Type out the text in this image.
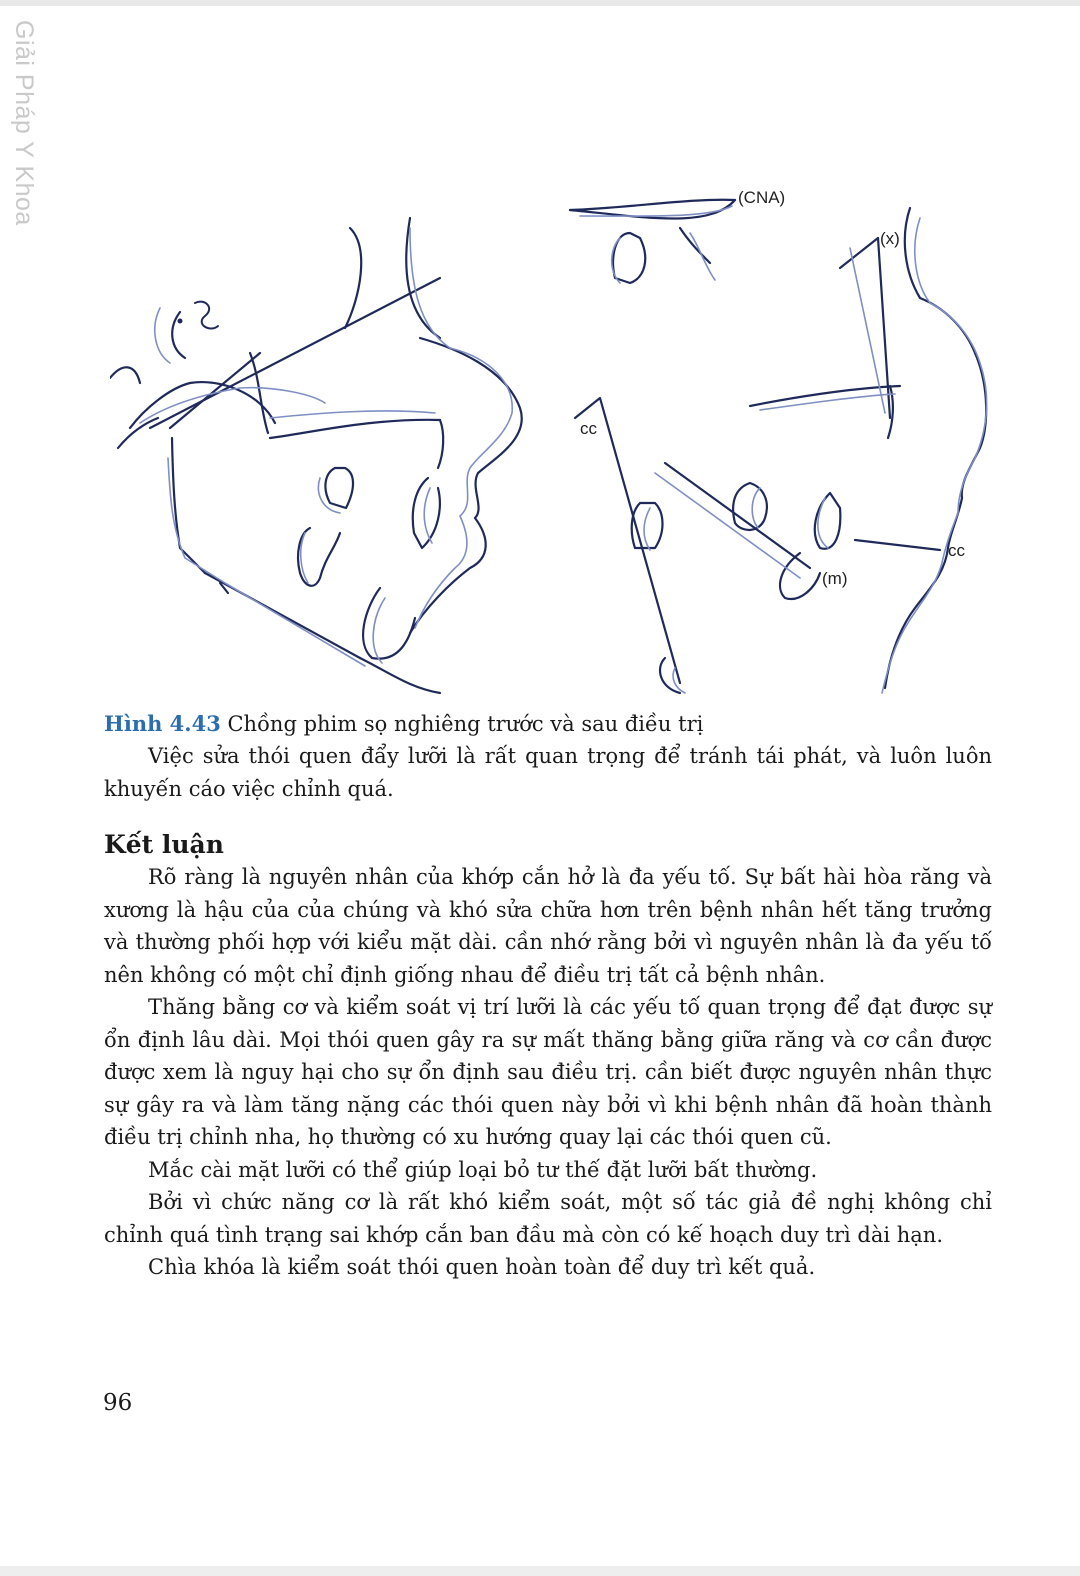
Giải Pháp Y Khoa	(CNA)
(x)
cc
cc
(m)
Hình 4.43 Chồng phim sọ nghiêng trước và sau điều trị

Việc sửa thói quen đẩy lưỡi là rất quan trọng để tránh tái phát, và luôn luôn khuyến cáo việc chỉnh quá.

Kết luận

Rõ ràng là nguyên nhân của khớp cắn hở là đa yếu tố. Sự bất hài hòa răng và xương là hậu của của chúng và khó sửa chữa hơn trên bệnh nhân hết tăng trưởng và thường phối hợp với kiểu mặt dài. cần nhớ rằng bởi vì nguyên nhân là đa yếu tố nên không có một chỉ định giống nhau để điều trị tất cả bệnh nhân.

Thăng bằng cơ và kiểm soát vị trí lưỡi là các yếu tố quan trọng để đạt được sự ổn định lâu dài. Mọi thói quen gây ra sự mất thăng bằng giữa răng và cơ cần được được xem là nguy hại cho sự ổn định sau điều trị. cần biết được nguyên nhân thực sự gây ra và làm tăng nặng các thói quen này bởi vì khi bệnh nhân đã hoàn thành điều trị chỉnh nha, họ thường có xu hướng quay lại các thói quen cũ.

Mắc cài mặt lưỡi có thể giúp loại bỏ tư thế đặt lưỡi bất thường.

Bởi vì chức năng cơ là rất khó kiểm soát, một số tác giả đề nghị không chỉ chỉnh quá tình trạng sai khớp cắn ban đầu mà còn có kế hoạch duy trì dài hạn.

Chìa khóa là kiểm soát thói quen hoàn toàn để duy trì kết quả.

96
